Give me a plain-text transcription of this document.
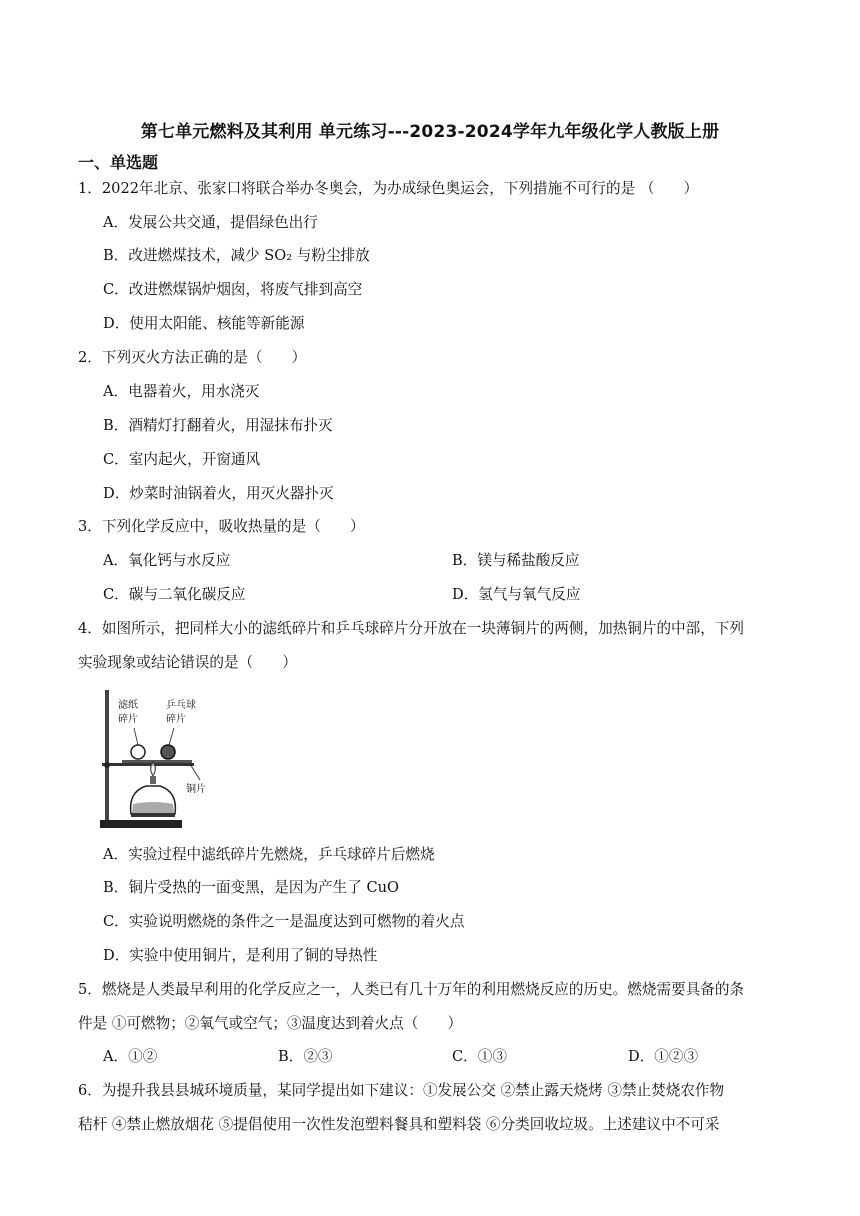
第七单元燃料及其利用 单元练习---2023-2024学年九年级化学人教版上册
一、单选题
1．2022年北京、张家口将联合举办冬奥会，为办成绿色奥运会，下列措施不可行的是 （　　）
A．发展公共交通，提倡绿色出行
B．改进燃煤技术，减少 SO₂ 与粉尘排放
C．改进燃煤锅炉烟囱，将废气排到高空
D．使用太阳能、核能等新能源
2．下列灭火方法正确的是（　　）
A．电器着火，用水浇灭
B．酒精灯打翻着火，用湿抹布扑灭
C．室内起火，开窗通风
D．炒菜时油锅着火，用灭火器扑灭
3．下列化学反应中，吸收热量的是（　　）
A．氧化钙与水反应	B．镁与稀盐酸反应
C．碳与二氧化碳反应	D．氢气与氧气反应
4．如图所示，把同样大小的滤纸碎片和乒乓球碎片分开放在一块薄铜片的两侧，加热铜片的中部，下列
实验现象或结论错误的是（　　）
滤纸
碎片
乒乓球
碎片
铜片
A．实验过程中滤纸碎片先燃烧，乒乓球碎片后燃烧
B．铜片受热的一面变黑，是因为产生了 CuO
C．实验说明燃烧的条件之一是温度达到可燃物的着火点
D．实验中使用铜片，是利用了铜的导热性
5．燃烧是人类最早利用的化学反应之一，人类已有几十万年的利用燃烧反应的历史。燃烧需要具备的条
件是 ①可燃物；②氧气或空气；③温度达到着火点（　　）
A．①②	B．②③	C．①③	D．①②③
6．为提升我县县城环境质量，某同学提出如下建议：①发展公交 ②禁止露天烧烤 ③禁止焚烧农作物
秸杆 ④禁止燃放烟花 ⑤提倡使用一次性发泡塑料餐具和塑料袋 ⑥分类回收垃圾。上述建议中不可采
